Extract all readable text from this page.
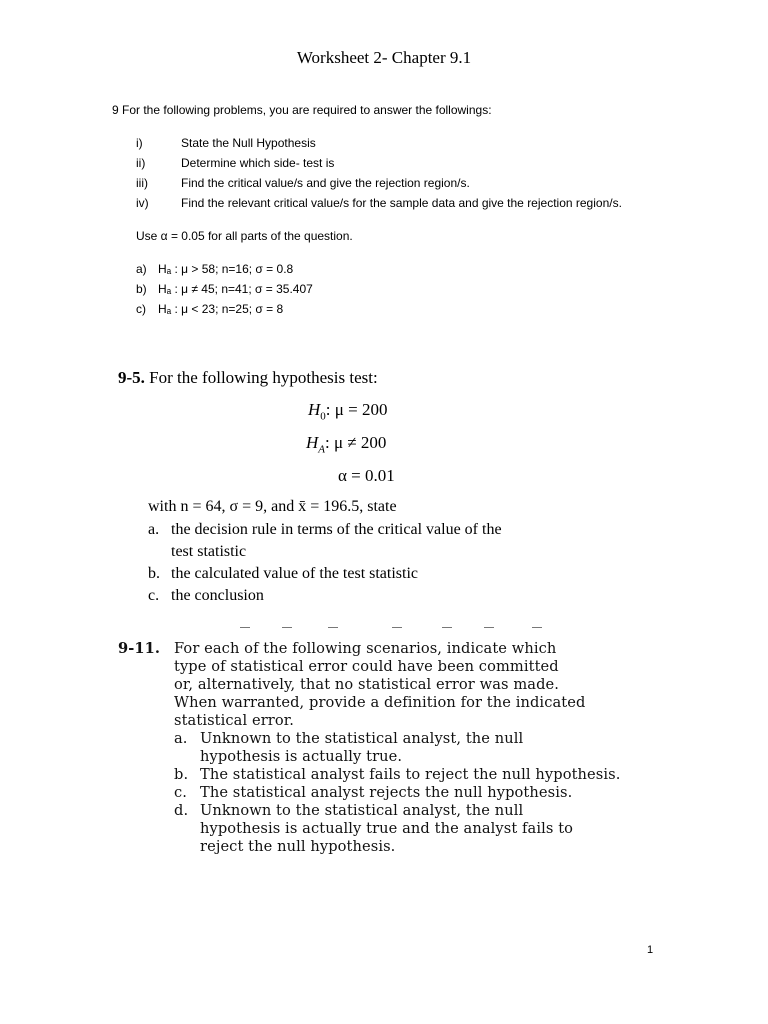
Worksheet 2- Chapter 9.1
9 For the following problems, you are required to answer the followings:
i)	State the Null Hypothesis
ii)	Determine which side- test is
iii)	Find the critical value/s and give the rejection region/s.
iv)	Find the relevant critical value/s for the sample data and give the rejection region/s.
Use α = 0.05 for all parts of the question.
a) Hₐ : μ > 58; n=16; σ = 0.8
b) Hₐ : μ ≠ 45; n=41; σ = 35.407
c) Hₐ : μ < 23; n=25; σ = 8
9-5. For the following hypothesis test:
$H_0$: μ = 200
$H_A$: μ ≠ 200
α = 0.01
with n = 64, σ = 9, and x̄ = 196.5, state
a. the decision rule in terms of the critical value of the
test statistic
b. the calculated value of the test statistic
c. the conclusion
9-11. For each of the following scenarios, indicate which
type of statistical error could have been committed
or, alternatively, that no statistical error was made.
When warranted, provide a definition for the indicated
statistical error.
a. Unknown to the statistical analyst, the null
hypothesis is actually true.
b. The statistical analyst fails to reject the null hypothesis.
c. The statistical analyst rejects the null hypothesis.
d. Unknown to the statistical analyst, the null
hypothesis is actually true and the analyst fails to
reject the null hypothesis.
1
